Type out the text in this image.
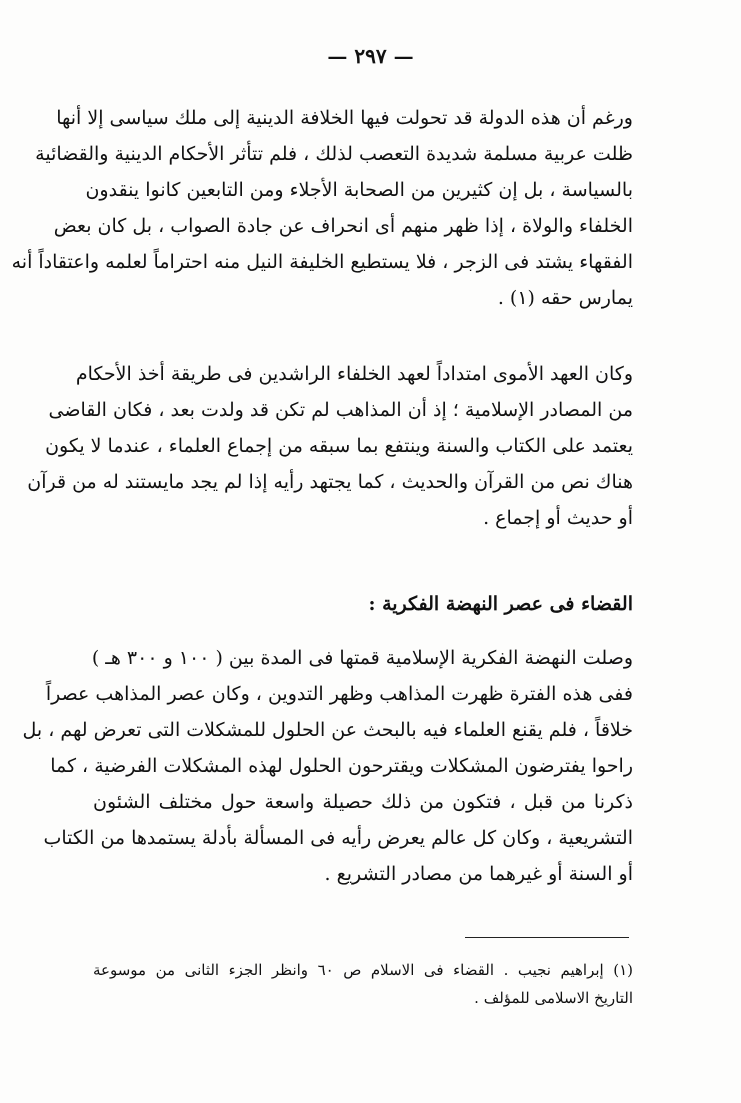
— ٢٩٧ —
ورغم أن هذه الدولة قد تحولت فيها الخلافة الدينية إلى ملك سياسى إلا أنها
ظلت عربية مسلمة شديدة التعصب لذلك ، فلم تتأثر الأحكام الدينية والقضائية
بالسياسة ، بل إن كثيرين من الصحابة الأجلاء ومن التابعين كانوا ينقدون
الخلفاء والولاة ، إذا ظهر منهم أى انحراف عن جادة الصواب ، بل كان بعض
الفقهاء يشتد فى الزجر ، فلا يستطيع الخليفة النيل منه احتراماً لعلمه واعتقاداً أنه
يمارس حقه (١) .
وكان العهد الأموى امتداداً لعهد الخلفاء الراشدين فى طريقة أخذ الأحكام
من المصادر الإسلامية ؛ إذ أن المذاهب لم تكن قد ولدت بعد ، فكان القاضى
يعتمد على الكتاب والسنة وينتفع بما سبقه من إجماع العلماء ، عندما لا يكون
هناك نص من القرآن والحديث ، كما يجتهد رأيه إذا لم يجد مايستند له من قرآن
أو حديث أو إجماع .
القضاء فى عصر النهضة الفكرية :
وصلت النهضة الفكرية الإسلامية قمتها فى المدة بين ( ١٠٠ و ٣٠٠ هـ )
ففى هذه الفترة ظهرت المذاهب وظهر التدوين ، وكان عصر المذاهب عصراً
خلاقاً ، فلم يقنع العلماء فيه بالبحث عن الحلول للمشكلات التى تعرض لهم ، بل
راحوا يفترضون المشكلات ويقترحون الحلول لهذه المشكلات الفرضية ، كما
ذكرنا من قبل ، فتكون من ذلك حصيلة واسعة حول مختلف الشئون
التشريعية ، وكان كل عالم يعرض رأيه فى المسألة بأدلة يستمدها من الكتاب
أو السنة أو غيرهما من مصادر التشريع .
(١) إبراهيم نجيب . القضاء فى الاسلام ص ٦٠ وانظر الجزء الثانى من موسوعة
التاريخ الاسلامى للمؤلف .
